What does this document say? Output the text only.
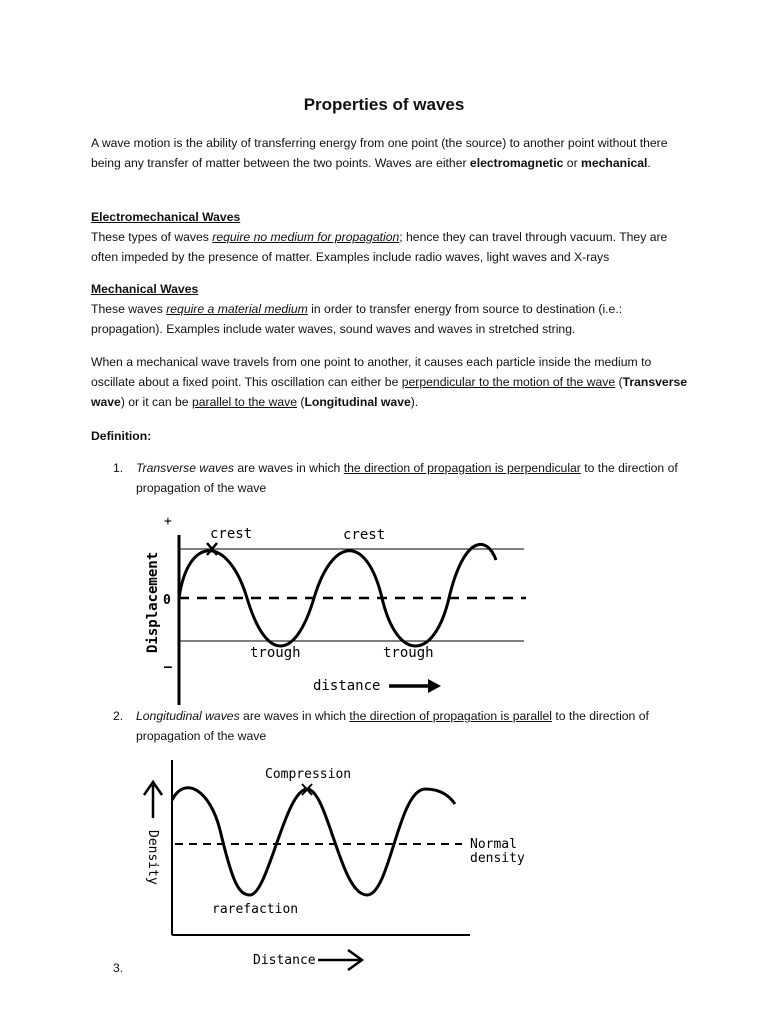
Properties of waves
A wave motion is the ability of transferring energy from one point (the source) to another point without there being any transfer of matter between the two points. Waves are either electromagnetic or mechanical.
Electromechanical Waves
These types of waves require no medium for propagation; hence they can travel through vacuum. They are often impeded by the presence of matter. Examples include radio waves, light waves and X-rays
Mechanical Waves
These waves require a material medium in order to transfer energy from source to destination (i.e.: propagation). Examples include water waves, sound waves and waves in stretched string.
When a mechanical wave travels from one point to another, it causes each particle inside the medium to oscillate about a fixed point. This oscillation can either be perpendicular to the motion of the wave (Transverse wave) or it can be parallel to the wave (Longitudinal wave).
Definition:
1. Transverse waves are waves in which the direction of propagation is perpendicular to the direction of propagation of the wave
+
0
–
Displacement
crest	crest
trough	trough
distance
2. Longitudinal waves are waves in which the direction of propagation is parallel to the direction of propagation of the wave
Density
Compression
Normal
density
rarefaction
Distance
3.
